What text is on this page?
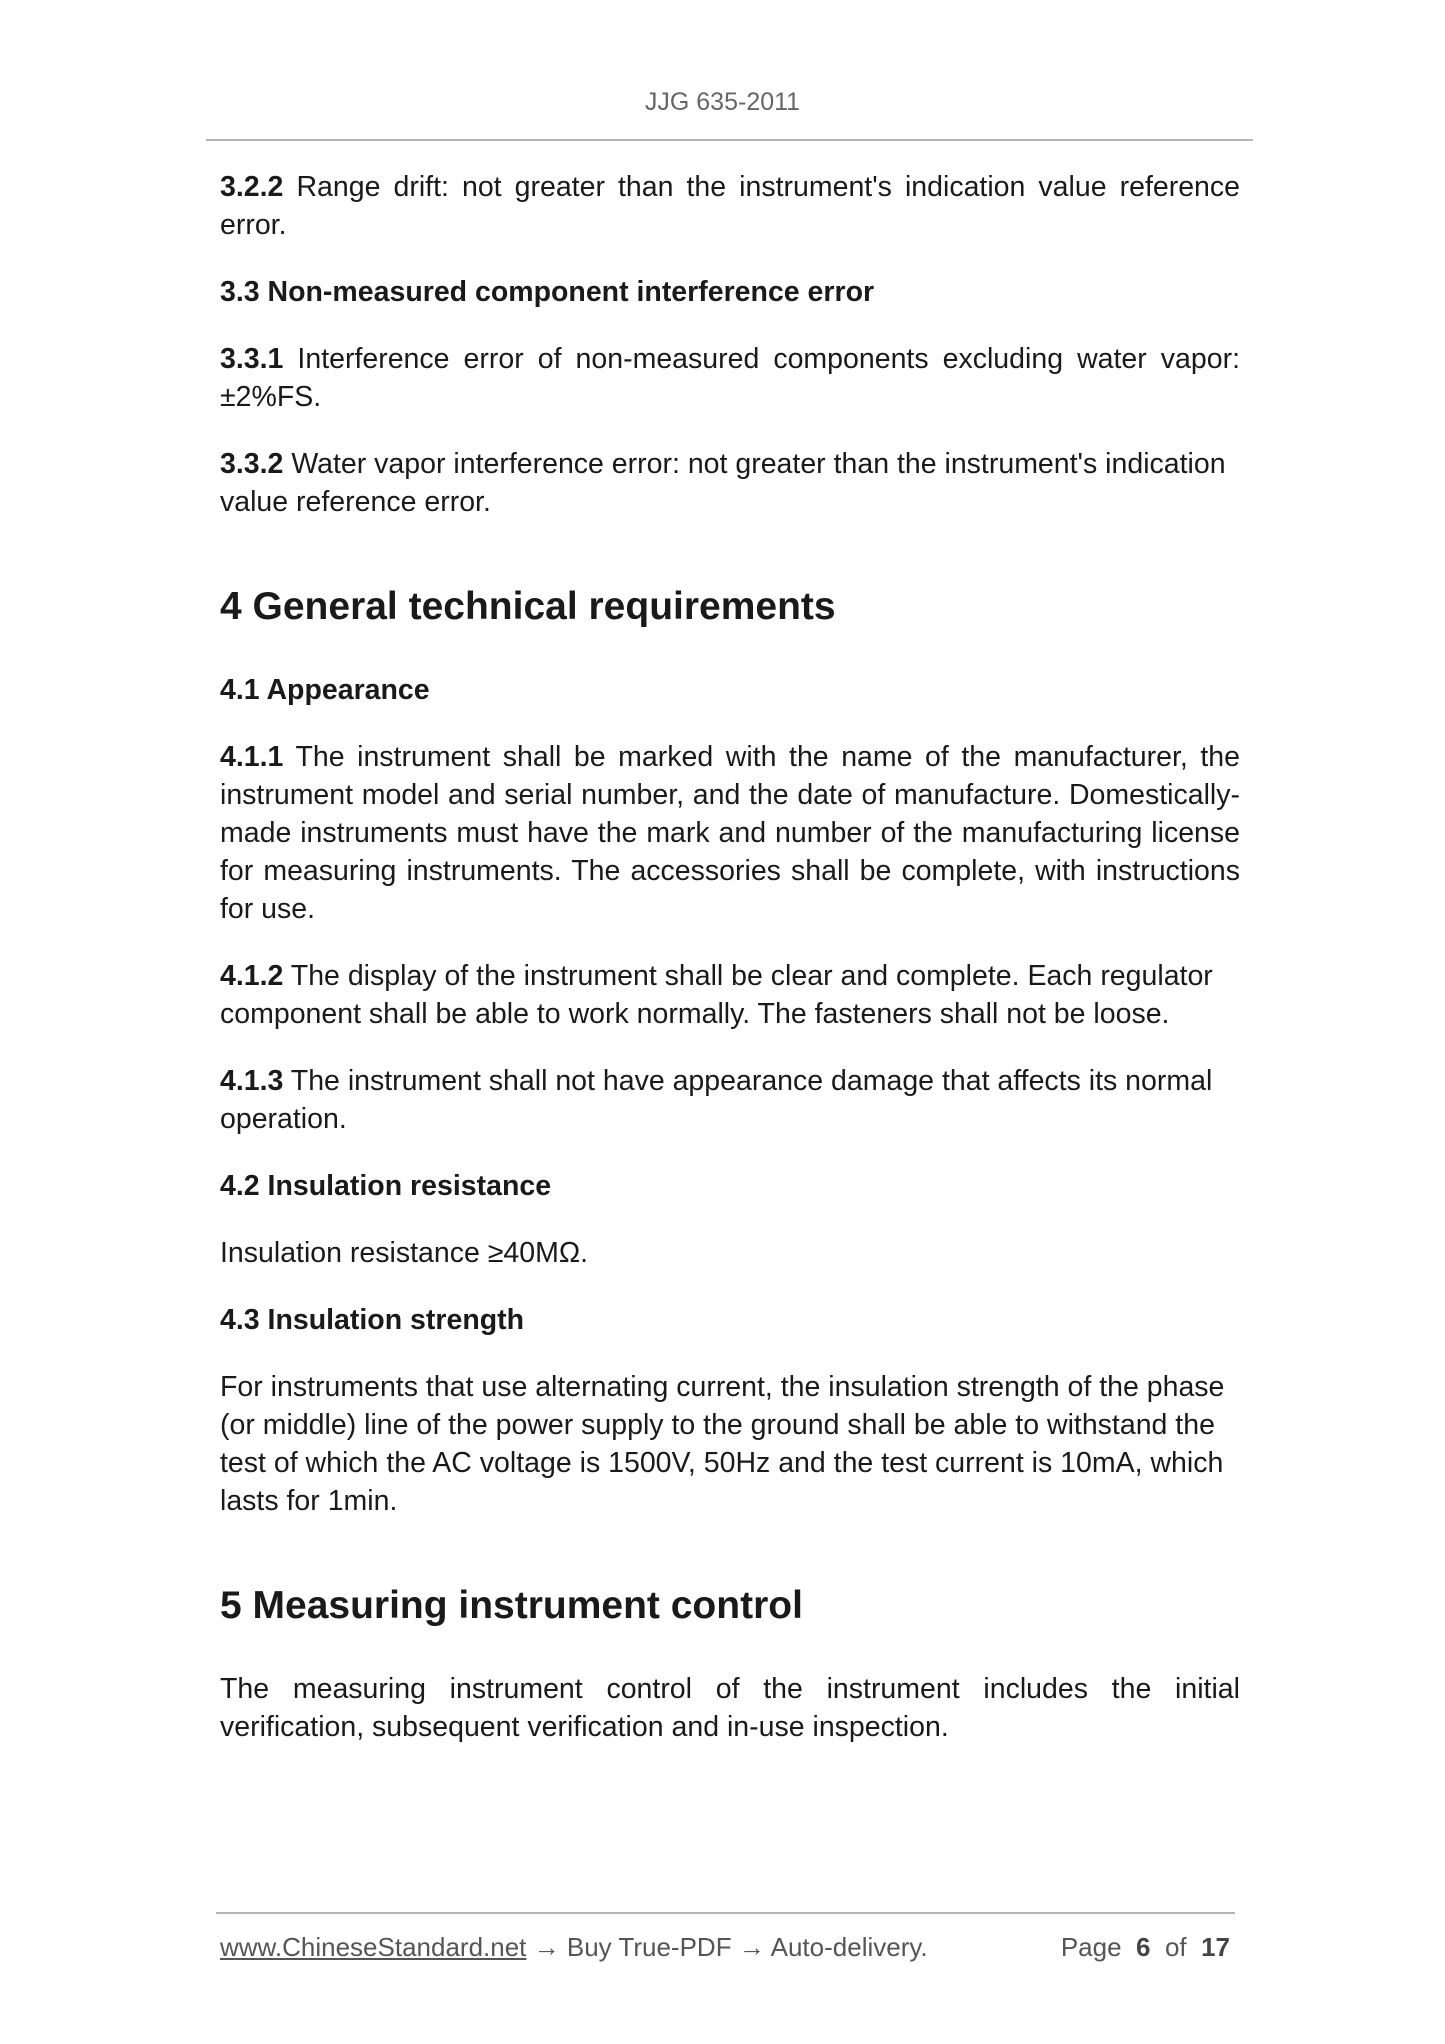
JJG 635-2011

3.2.2 Range drift: not greater than the instrument's indication value reference error.

3.3 Non-measured component interference error

3.3.1 Interference error of non-measured components excluding water vapor: ±2%FS.

3.3.2 Water vapor interference error: not greater than the instrument's indication value reference error.

4 General technical requirements
4.1 Appearance

4.1.1 The instrument shall be marked with the name of the manufacturer, the instrument model and serial number, and the date of manufacture. Domestically-made instruments must have the mark and number of the manufacturing license for measuring instruments. The accessories shall be complete, with instructions for use.

4.1.2 The display of the instrument shall be clear and complete. Each regulator component shall be able to work normally. The fasteners shall not be loose.

4.1.3 The instrument shall not have appearance damage that affects its normal operation.

4.2 Insulation resistance

Insulation resistance ≥40MΩ.

4.3 Insulation strength

For instruments that use alternating current, the insulation strength of the phase (or middle) line of the power supply to the ground shall be able to withstand the test of which the AC voltage is 1500V, 50Hz and the test current is 10mA, which lasts for 1min.

5 Measuring instrument control

The measuring instrument control of the instrument includes the initial verification, subsequent verification and in-use inspection.

www.ChineseStandard.net → Buy True-PDF → Auto-delivery.	Page 6 of 17
